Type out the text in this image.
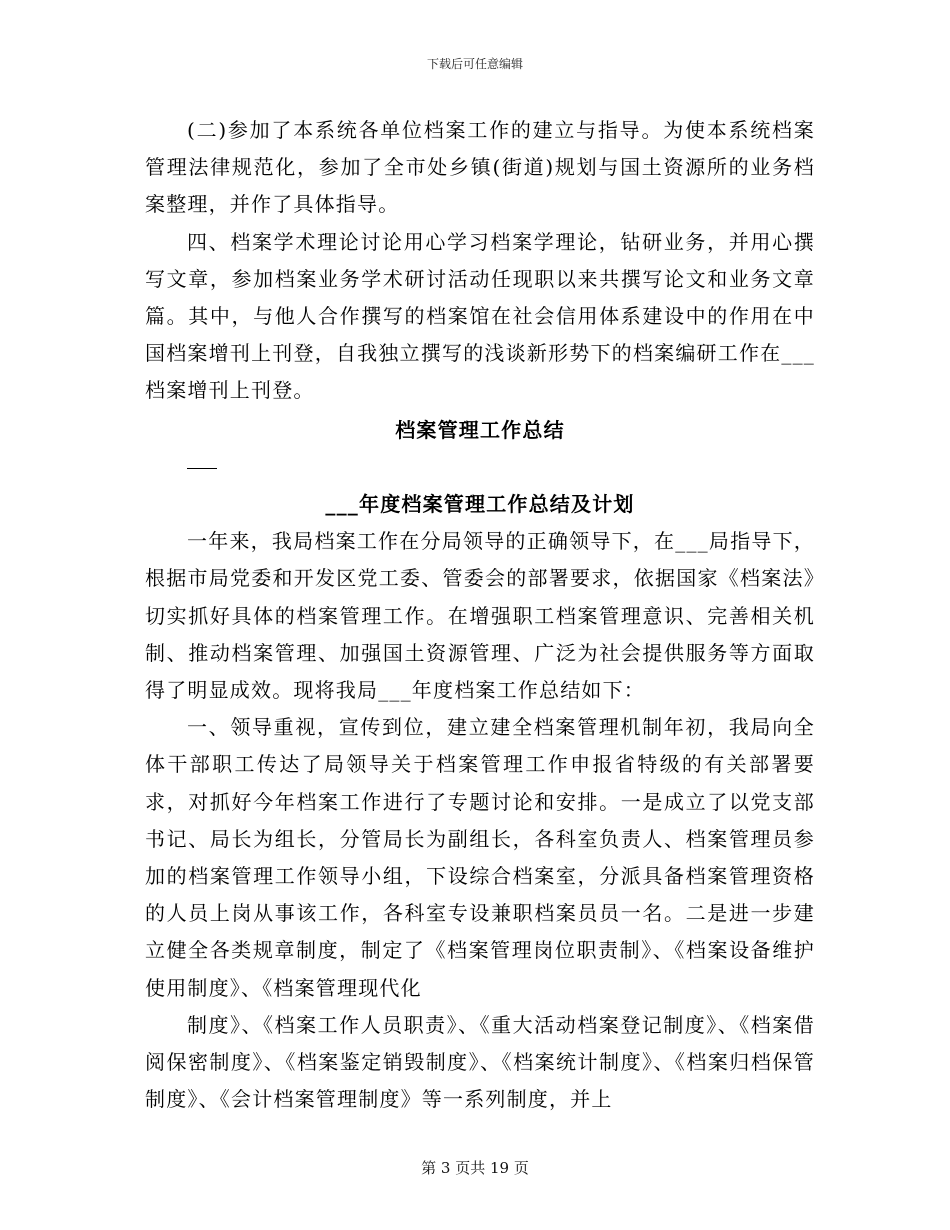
下载后可任意编辑

(二)参加了本系统各单位档案工作的建立与指导。为使本系统档案管理法律规范化，参加了全市处乡镇(街道)规划与国土资源所的业务档案整理，并作了具体指导。

四、档案学术理论讨论用心学习档案学理论，钻研业务，并用心撰写文章，参加档案业务学术研讨活动任现职以来共撰写论文和业务文章篇。其中，与他人合作撰写的档案馆在社会信用体系建设中的作用在中国档案增刊上刊登，自我独立撰写的浅谈新形势下的档案编研工作在___档案增刊上刊登。

档案管理工作总结

___年度档案管理工作总结及计划

一年来，我局档案工作在分局领导的正确领导下，在___局指导下，根据市局党委和开发区党工委、管委会的部署要求，依据国家《档案法》切实抓好具体的档案管理工作。在增强职工档案管理意识、完善相关机制、推动档案管理、加强国土资源管理、广泛为社会提供服务等方面取得了明显成效。现将我局___年度档案工作总结如下：

一、领导重视，宣传到位，建立建全档案管理机制年初，我局向全体干部职工传达了局领导关于档案管理工作申报省特级的有关部署要求，对抓好今年档案工作进行了专题讨论和安排。一是成立了以党支部书记、局长为组长，分管局长为副组长，各科室负责人、档案管理员参加的档案管理工作领导小组，下设综合档案室，分派具备档案管理资格的人员上岗从事该工作，各科室专设兼职档案员员一名。二是进一步建立健全各类规章制度，制定了《档案管理岗位职责制》、《档案设备维护使用制度》、《档案管理现代化

制度》、《档案工作人员职责》、《重大活动档案登记制度》、《档案借阅保密制度》、《档案鉴定销毁制度》、《档案统计制度》、《档案归档保管制度》、《会计档案管理制度》等一系列制度，并上

第 3 页共 19 页
